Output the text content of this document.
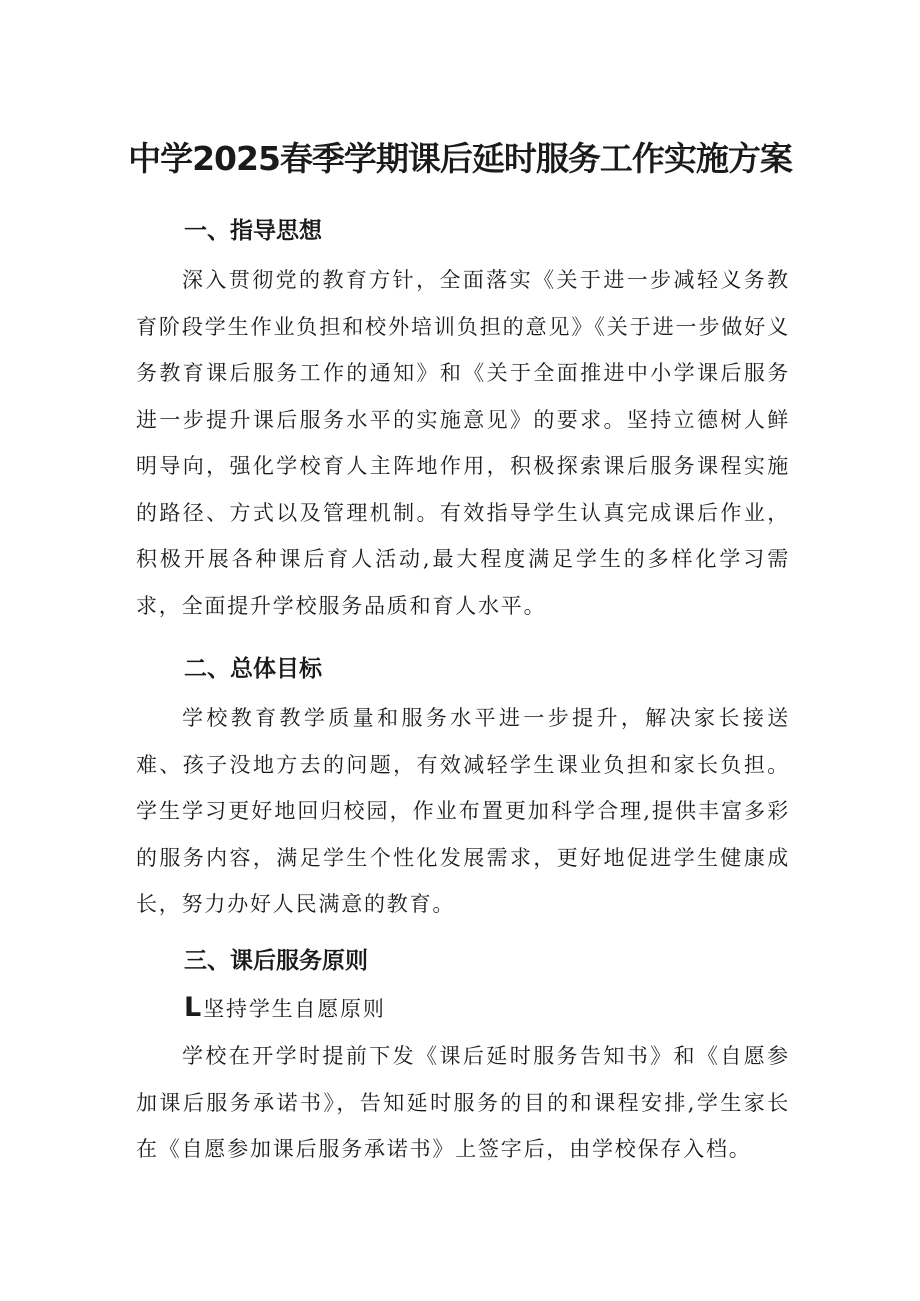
中学2025春季学期课后延时服务工作实施方案
一、指导思想

深入贯彻党的教育方针，全面落实《关于进一步减轻义务教育阶段学生作业负担和校外培训负担的意见》《关于进一步做好义务教育课后服务工作的通知》和《关于全面推进中小学课后服务进一步提升课后服务水平的实施意见》的要求。坚持立德树人鲜明导向，强化学校育人主阵地作用，积极探索课后服务课程实施的路径、方式以及管理机制。有效指导学生认真完成课后作业，积极开展各种课后育人活动,最大程度满足学生的多样化学习需求，全面提升学校服务品质和育人水平。

二、总体目标

学校教育教学质量和服务水平进一步提升，解决家长接送难、孩子没地方去的问题，有效减轻学生课业负担和家长负担。学生学习更好地回归校园，作业布置更加科学合理,提供丰富多彩的服务内容，满足学生个性化发展需求，更好地促进学生健康成长，努力办好人民满意的教育。

三、课后服务原则

L坚持学生自愿原则

学校在开学时提前下发《课后延时服务告知书》和《自愿参加课后服务承诺书》，告知延时服务的目的和课程安排,学生家长在《自愿参加课后服务承诺书》上签字后，由学校保存入档。
